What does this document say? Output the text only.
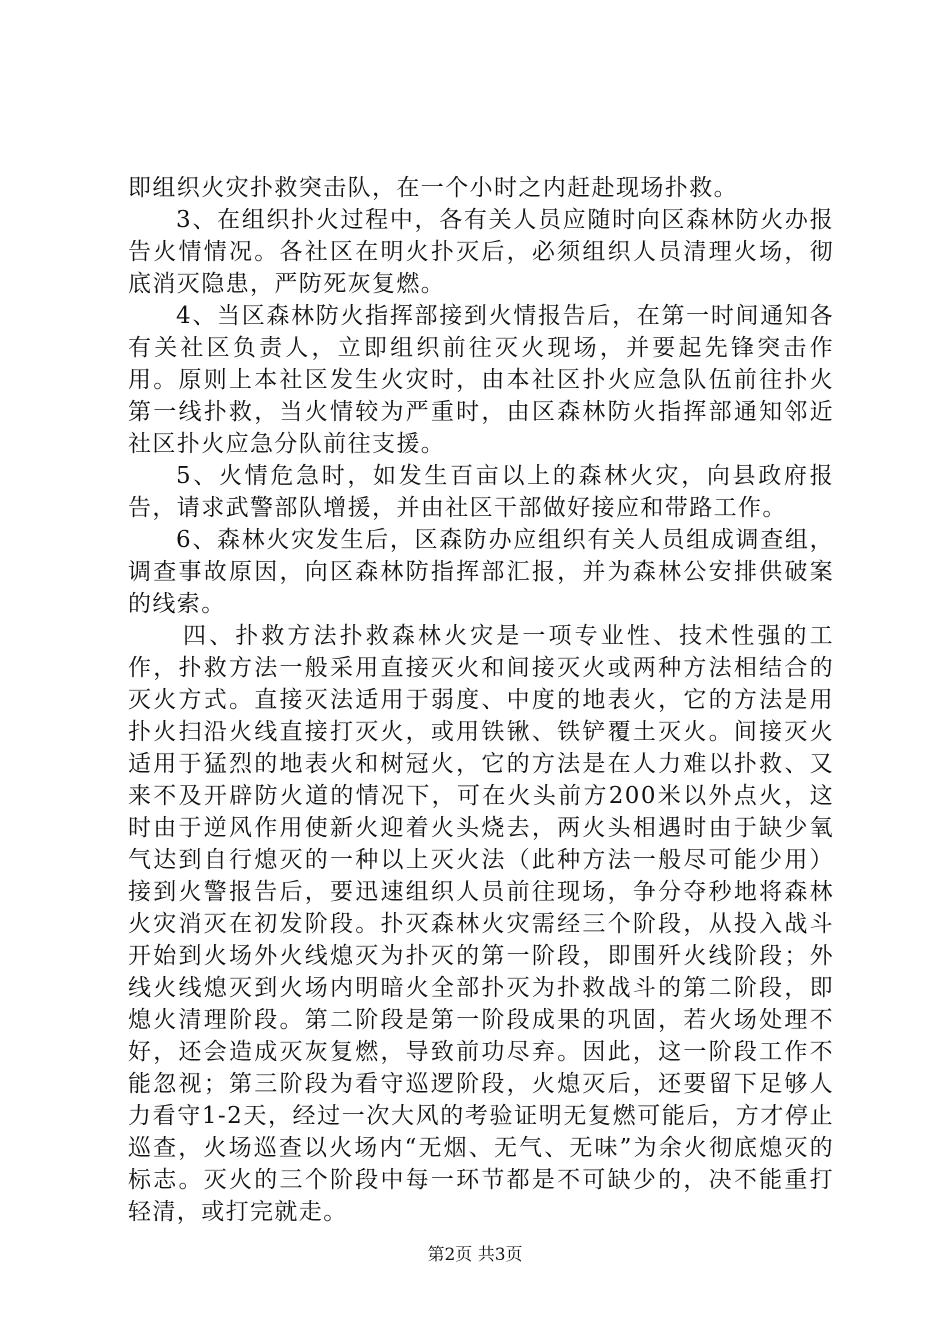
即组织火灾扑救突击队，在一个小时之内赶赴现场扑救。

3、在组织扑火过程中，各有关人员应随时向区森林防火办报告火情情况。各社区在明火扑灭后，必须组织人员清理火场，彻底消灭隐患，严防死灰复燃。

4、当区森林防火指挥部接到火情报告后，在第一时间通知各有关社区负责人，立即组织前往灭火现场，并要起先锋突击作用。原则上本社区发生火灾时，由本社区扑火应急队伍前往扑火第一线扑救，当火情较为严重时，由区森林防火指挥部通知邻近社区扑火应急分队前往支援。

5、火情危急时，如发生百亩以上的森林火灾，向县政府报告，请求武警部队增援，并由社区干部做好接应和带路工作。

6、森林火灾发生后，区森防办应组织有关人员组成调查组，调查事故原因，向区森林防指挥部汇报，并为森林公安排供破案的线索。

四、扑救方法扑救森林火灾是一项专业性、技术性强的工作，扑救方法一般采用直接灭火和间接灭火或两种方法相结合的灭火方式。直接灭法适用于弱度、中度的地表火，它的方法是用扑火扫沿火线直接打灭火，或用铁锹、铁铲覆土灭火。间接灭火适用于猛烈的地表火和树冠火，它的方法是在人力难以扑救、又来不及开辟防火道的情况下，可在火头前方200米以外点火，这时由于逆风作用使新火迎着火头烧去，两火头相遇时由于缺少氧气达到自行熄灭的一种以上灭火法（此种方法一般尽可能少用）接到火警报告后，要迅速组织人员前往现场，争分夺秒地将森林火灾消灭在初发阶段。扑灭森林火灾需经三个阶段，从投入战斗开始到火场外火线熄灭为扑灭的第一阶段，即围歼火线阶段；外线火线熄灭到火场内明暗火全部扑灭为扑救战斗的第二阶段，即熄火清理阶段。第二阶段是第一阶段成果的巩固，若火场处理不好，还会造成灭灰复燃，导致前功尽弃。因此，这一阶段工作不能忽视；第三阶段为看守巡逻阶段，火熄灭后，还要留下足够人力看守1-2天，经过一次大风的考验证明无复燃可能后，方才停止巡查，火场巡查以火场内“无烟、无气、无味”为余火彻底熄灭的标志。灭火的三个阶段中每一环节都是不可缺少的，决不能重打轻清，或打完就走。

第2页 共3页
